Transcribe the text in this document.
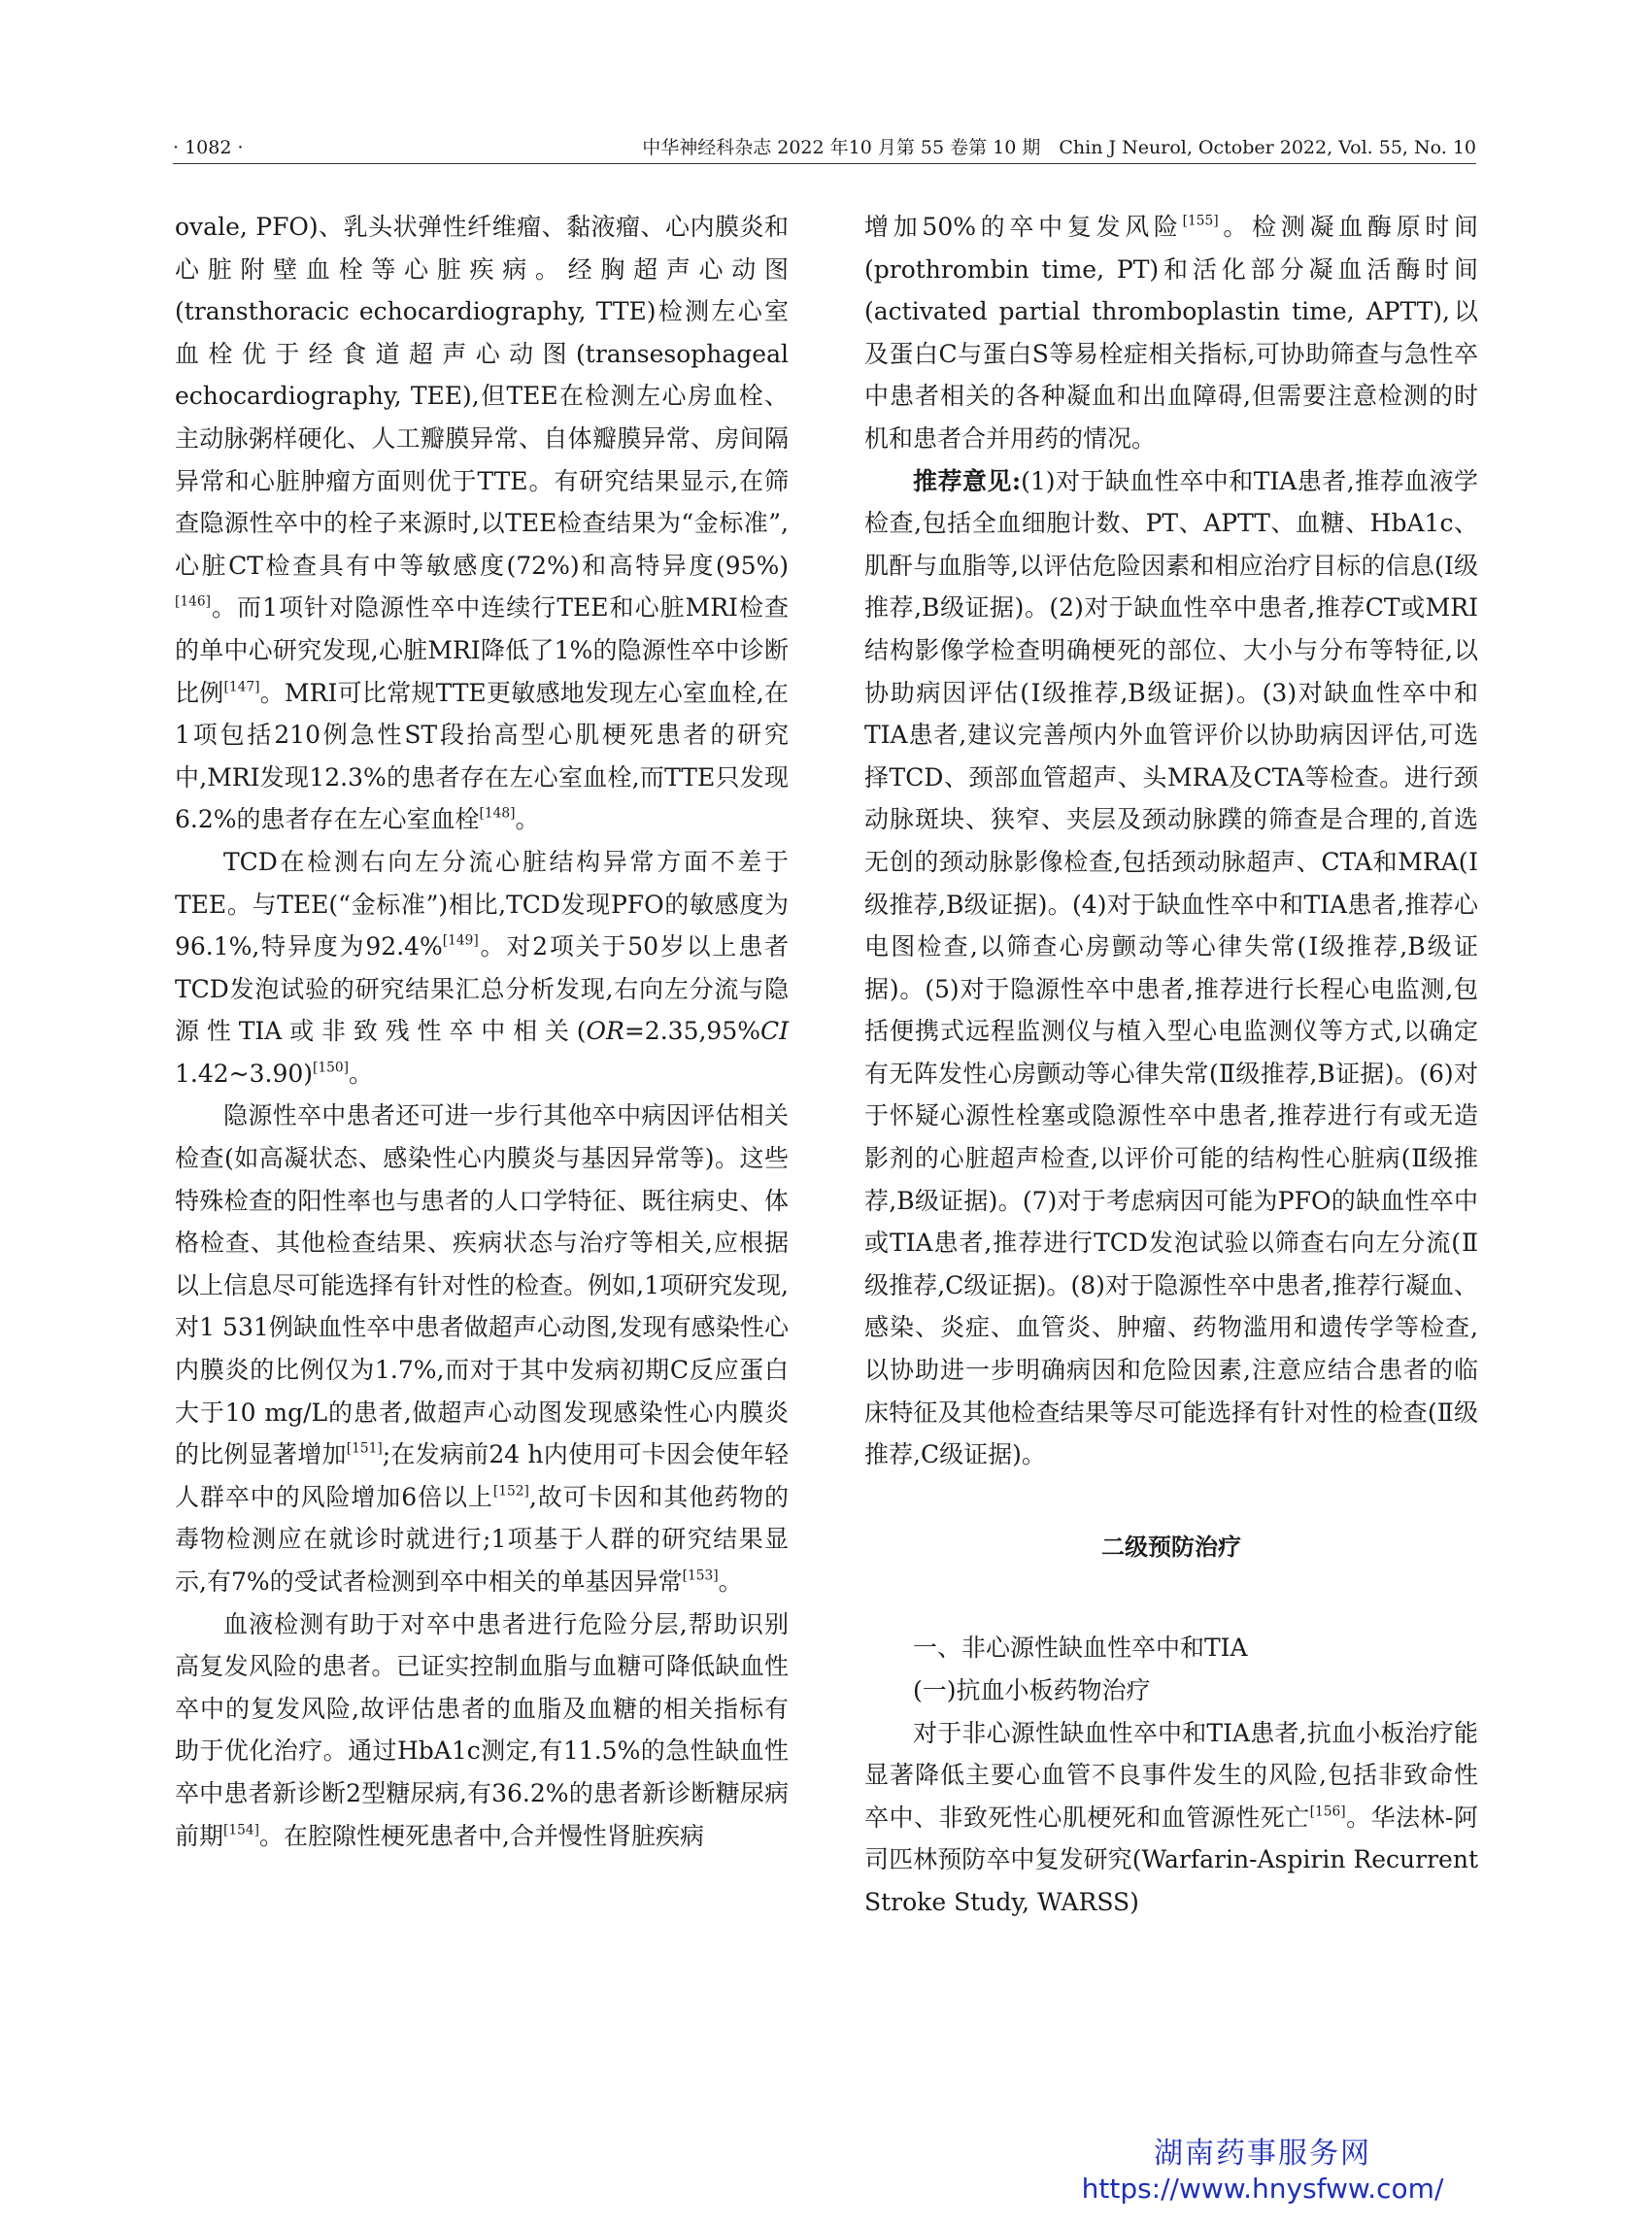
· 1082 ·	中华神经科杂志 2022 年10 月第 55 卷第 10 期　Chin J Neurol, October 2022, Vol. 55, No. 10

ovale, PFO)、乳头状弹性纤维瘤、黏液瘤、心内膜炎和心脏附壁血栓等心脏疾病。经胸超声心动图(transthoracic echocardiography, TTE)检测左心室血栓优于经食道超声心动图(transesophageal echocardiography, TEE),但TEE在检测左心房血栓、主动脉粥样硬化、人工瓣膜异常、自体瓣膜异常、房间隔异常和心脏肿瘤方面则优于TTE。有研究结果显示,在筛查隐源性卒中的栓子来源时,以TEE检查结果为“金标准”,心脏CT检查具有中等敏感度(72%)和高特异度(95%)[146]。而1项针对隐源性卒中连续行TEE和心脏MRI检查的单中心研究发现,心脏MRI降低了1%的隐源性卒中诊断比例[147]。MRI可比常规TTE更敏感地发现左心室血栓,在1项包括210例急性ST段抬高型心肌梗死患者的研究中,MRI发现12.3%的患者存在左心室血栓,而TTE只发现6.2%的患者存在左心室血栓[148]。

TCD在检测右向左分流心脏结构异常方面不差于TEE。与TEE(“金标准”)相比,TCD发现PFO的敏感度为96.1%,特异度为92.4%[149]。对2项关于50岁以上患者TCD发泡试验的研究结果汇总分析发现,右向左分流与隐源性TIA或非致残性卒中相关(OR=2.35,95%CI 1.42~3.90)[150]。

隐源性卒中患者还可进一步行其他卒中病因评估相关检查(如高凝状态、感染性心内膜炎与基因异常等)。这些特殊检查的阳性率也与患者的人口学特征、既往病史、体格检查、其他检查结果、疾病状态与治疗等相关,应根据以上信息尽可能选择有针对性的检查。例如,1项研究发现,对1 531例缺血性卒中患者做超声心动图,发现有感染性心内膜炎的比例仅为1.7%,而对于其中发病初期C反应蛋白大于10 mg/L的患者,做超声心动图发现感染性心内膜炎的比例显著增加[151];在发病前24 h内使用可卡因会使年轻人群卒中的风险增加6倍以上[152],故可卡因和其他药物的毒物检测应在就诊时就进行;1项基于人群的研究结果显示,有7%的受试者检测到卒中相关的单基因异常[153]。

血液检测有助于对卒中患者进行危险分层,帮助识别高复发风险的患者。已证实控制血脂与血糖可降低缺血性卒中的复发风险,故评估患者的血脂及血糖的相关指标有助于优化治疗。通过HbA1c测定,有11.5%的急性缺血性卒中患者新诊断2型糖尿病,有36.2%的患者新诊断糖尿病前期[154]。在腔隙性梗死患者中,合并慢性肾脏疾病

增加50%的卒中复发风险[155]。检测凝血酶原时间(prothrombin time, PT)和活化部分凝血活酶时间(activated partial thromboplastin time, APTT),以及蛋白C与蛋白S等易栓症相关指标,可协助筛查与急性卒中患者相关的各种凝血和出血障碍,但需要注意检测的时机和患者合并用药的情况。

推荐意见:(1)对于缺血性卒中和TIA患者,推荐血液学检查,包括全血细胞计数、PT、APTT、血糖、HbA1c、肌酐与血脂等,以评估危险因素和相应治疗目标的信息(Ⅰ级推荐,B级证据)。(2)对于缺血性卒中患者,推荐CT或MRI结构影像学检查明确梗死的部位、大小与分布等特征,以协助病因评估(Ⅰ级推荐,B级证据)。(3)对缺血性卒中和TIA患者,建议完善颅内外血管评价以协助病因评估,可选择TCD、颈部血管超声、头MRA及CTA等检查。进行颈动脉斑块、狭窄、夹层及颈动脉蹼的筛查是合理的,首选无创的颈动脉影像检查,包括颈动脉超声、CTA和MRA(Ⅰ级推荐,B级证据)。(4)对于缺血性卒中和TIA患者,推荐心电图检查,以筛查心房颤动等心律失常(Ⅰ级推荐,B级证据)。(5)对于隐源性卒中患者,推荐进行长程心电监测,包括便携式远程监测仪与植入型心电监测仪等方式,以确定有无阵发性心房颤动等心律失常(Ⅱ级推荐,B证据)。(6)对于怀疑心源性栓塞或隐源性卒中患者,推荐进行有或无造影剂的心脏超声检查,以评价可能的结构性心脏病(Ⅱ级推荐,B级证据)。(7)对于考虑病因可能为PFO的缺血性卒中或TIA患者,推荐进行TCD发泡试验以筛查右向左分流(Ⅱ级推荐,C级证据)。(8)对于隐源性卒中患者,推荐行凝血、感染、炎症、血管炎、肿瘤、药物滥用和遗传学等检查,以协助进一步明确病因和危险因素,注意应结合患者的临床特征及其他检查结果等尽可能选择有针对性的检查(Ⅱ级推荐,C级证据)。

二级预防治疗

一、非心源性缺血性卒中和TIA

(一)抗血小板药物治疗

对于非心源性缺血性卒中和TIA患者,抗血小板治疗能显著降低主要心血管不良事件发生的风险,包括非致命性卒中、非致死性心肌梗死和血管源性死亡[156]。华法林-阿司匹林预防卒中复发研究(Warfarin-Aspirin Recurrent Stroke Study, WARSS)

湖南药事服务网
https://www.hnysfww.com/
